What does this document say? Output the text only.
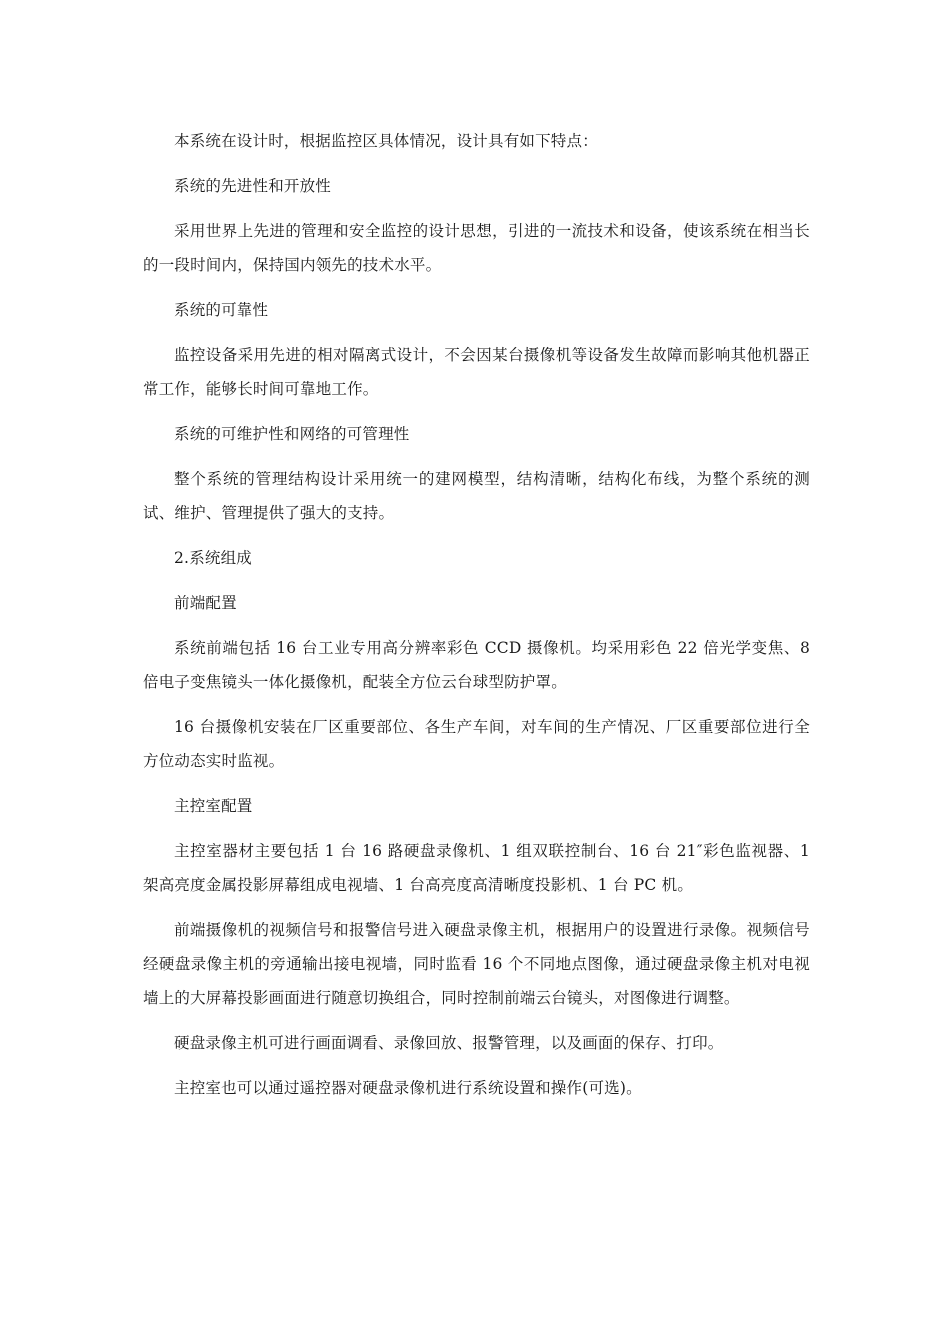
本系统在设计时，根据监控区具体情况，设计具有如下特点：

系统的先进性和开放性

采用世界上先进的管理和安全监控的设计思想，引进的一流技术和设备，使该系统在相当长的一段时间内，保持国内领先的技术水平。

系统的可靠性

监控设备采用先进的相对隔离式设计，不会因某台摄像机等设备发生故障而影响其他机器正常工作，能够长时间可靠地工作。

系统的可维护性和网络的可管理性

整个系统的管理结构设计采用统一的建网模型，结构清晰，结构化布线，为整个系统的测试、维护、管理提供了强大的支持。

2.系统组成

前端配置

系统前端包括 16 台工业专用高分辨率彩色 CCD 摄像机。均采用彩色 22 倍光学变焦、8 倍电子变焦镜头一体化摄像机，配装全方位云台球型防护罩。

16 台摄像机安装在厂区重要部位、各生产车间，对车间的生产情况、厂区重要部位进行全方位动态实时监视。

主控室配置

主控室器材主要包括 1 台 16 路硬盘录像机、1 组双联控制台、16 台 21″彩色监视器、1 架高亮度金属投影屏幕组成电视墙、1 台高亮度高清晰度投影机、1 台 PC 机。

前端摄像机的视频信号和报警信号进入硬盘录像主机，根据用户的设置进行录像。视频信号经硬盘录像主机的旁通输出接电视墙，同时监看 16 个不同地点图像，通过硬盘录像主机对电视墙上的大屏幕投影画面进行随意切换组合，同时控制前端云台镜头，对图像进行调整。

硬盘录像主机可进行画面调看、录像回放、报警管理，以及画面的保存、打印。

主控室也可以通过遥控器对硬盘录像机进行系统设置和操作(可选)。
